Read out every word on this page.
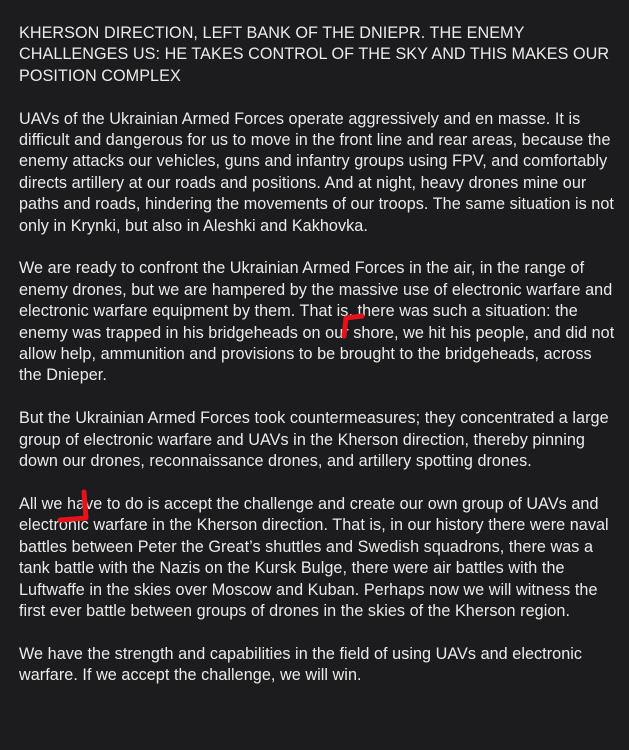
KHERSON DIRECTION, LEFT BANK OF THE DNIEPR. THE ENEMY CHALLENGES US: HE TAKES CONTROL OF THE SKY AND THIS MAKES OUR POSITION COMPLEX

UAVs of the Ukrainian Armed Forces operate aggressively and en masse. It is difficult and dangerous for us to move in the front line and rear areas, because the enemy attacks our vehicles, guns and infantry groups using FPV, and comfortably directs artillery at our roads and positions. And at night, heavy drones mine our paths and roads, hindering the movements of our troops. The same situation is not only in Krynki, but also in Aleshki and Kakhovka.

We are ready to confront the Ukrainian Armed Forces in the air, in the range of enemy drones, but we are hampered by the massive use of electronic warfare and electronic warfare equipment by them. That is, there was such a situation: the enemy was trapped in his bridgeheads on our shore, we hit his people, and did not allow help, ammunition and provisions to be brought to the bridgeheads, across the Dnieper.

But the Ukrainian Armed Forces took countermeasures; they concentrated a large group of electronic warfare and UAVs in the Kherson direction, thereby pinning down our drones, reconnaissance drones, and artillery spotting drones.

All we have to do is accept the challenge and create our own group of UAVs and electronic warfare in the Kherson direction. That is, in our history there were naval battles between Peter the Great’s shuttles and Swedish squadrons, there was a tank battle with the Nazis on the Kursk Bulge, there were air battles with the Luftwaffe in the skies over Moscow and Kuban. Perhaps now we will witness the first ever battle between groups of drones in the skies of the Kherson region.

We have the strength and capabilities in the field of using UAVs and electronic warfare. If we accept the challenge, we will win.
